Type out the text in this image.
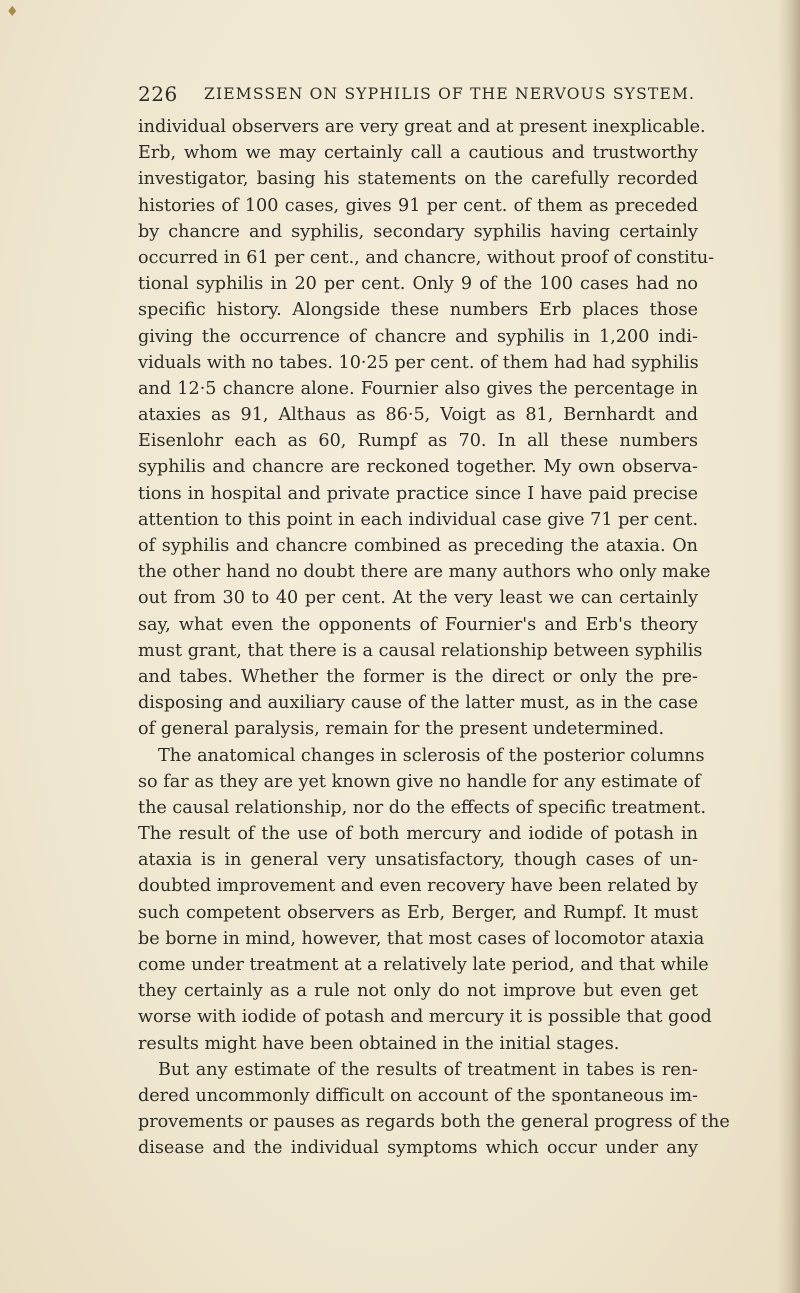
♦
226 ZIEMSSEN ON SYPHILIS OF THE NERVOUS SYSTEM.
individual observers are very great and at present inexplicable.
Erb, whom we may certainly call a cautious and trustworthy
investigator, basing his statements on the carefully recorded
histories of 100 cases, gives 91 per cent. of them as preceded
by chancre and syphilis, secondary syphilis having certainly
occurred in 61 per cent., and chancre, without proof of constitu-
tional syphilis in 20 per cent. Only 9 of the 100 cases had no
specific history. Alongside these numbers Erb places those
giving the occurrence of chancre and syphilis in 1,200 indi-
viduals with no tabes. 10·25 per cent. of them had had syphilis
and 12·5 chancre alone. Fournier also gives the percentage in
ataxies as 91, Althaus as 86·5, Voigt as 81, Bernhardt and
Eisenlohr each as 60, Rumpf as 70. In all these numbers
syphilis and chancre are reckoned together. My own observa-
tions in hospital and private practice since I have paid precise
attention to this point in each individual case give 71 per cent.
of syphilis and chancre combined as preceding the ataxia. On
the other hand no doubt there are many authors who only make
out from 30 to 40 per cent. At the very least we can certainly
say, what even the opponents of Fournier's and Erb's theory
must grant, that there is a causal relationship between syphilis
and tabes. Whether the former is the direct or only the pre-
disposing and auxiliary cause of the latter must, as in the case
of general paralysis, remain for the present undetermined.
The anatomical changes in sclerosis of the posterior columns
so far as they are yet known give no handle for any estimate of
the causal relationship, nor do the effects of specific treatment.
The result of the use of both mercury and iodide of potash in
ataxia is in general very unsatisfactory, though cases of un-
doubted improvement and even recovery have been related by
such competent observers as Erb, Berger, and Rumpf. It must
be borne in mind, however, that most cases of locomotor ataxia
come under treatment at a relatively late period, and that while
they certainly as a rule not only do not improve but even get
worse with iodide of potash and mercury it is possible that good
results might have been obtained in the initial stages.
But any estimate of the results of treatment in tabes is ren-
dered uncommonly difficult on account of the spontaneous im-
provements or pauses as regards both the general progress of the
disease and the individual symptoms which occur under any
